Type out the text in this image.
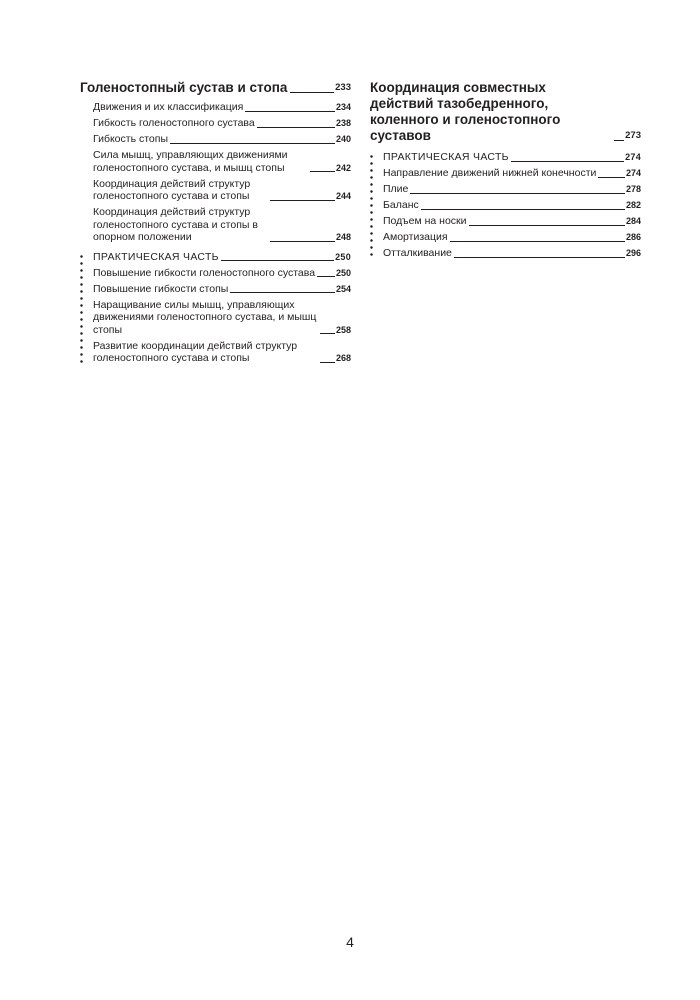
Голеностопный сустав и стопа	233
Движения и их классификация	234
Гибкость голеностопного сустава	238
Гибкость стопы	240
Сила мышц, управляющих движениями голеностопного сустава, и мышц стопы	242
Координация действий структур голеностопного сустава и стопы	244
Координация действий структур голеностопного сустава и стопы в опорном положении	248
ПРАКТИЧЕСКАЯ ЧАСТЬ	250
Повышение гибкости голеностопного сустава 250
Повышение гибкости стопы	254
Наращивание силы мышц, управляющих движениями голеностопного сустава, и мышц стопы	258
Развитие координации действий структур голеностопного сустава и стопы	268
Координация совместных действий тазобедренного, коленного и голеностопного суставов	273
ПРАКТИЧЕСКАЯ ЧАСТЬ	274
Направление движений нижней конечности	274
Плие	278
Баланс	282
Подъем на носки	284
Амортизация	286
Отталкивание	296
4
